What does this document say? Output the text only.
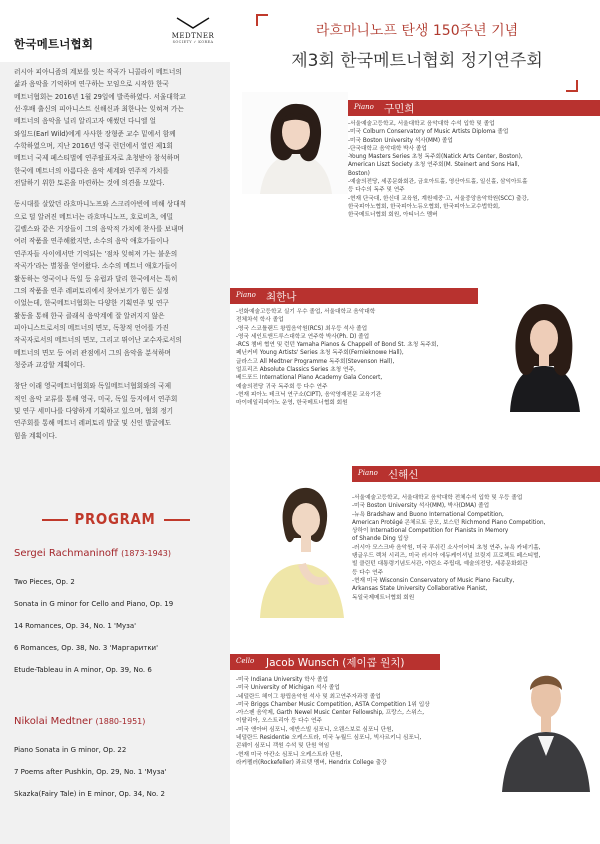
한국메트너협회
MEDTNER
SOCIETY ✓ KOREA

러시아 피아니즘의 계보를 잇는 작곡가 니콜라이 메트너의
삶과 음악을 기억하며 연구하는 모임으로 시작한 한국
메트너협회는 2016년 1월 29일에 발족하였다. 서울대학교
선·후배 출신의 피아니스트 신해신과 최한나는 잊혀져 가는
메트너의 음악을 널리 알리고자 애썼던 다니엘 얼
와일드(Earl Wild)에게 사사한 장형준 교수 밑에서 함께
수학하였으며, 지난 2016년 영국 런던에서 열린 제1회
메트너 국제 페스티벌에 연주팔표자로 초청받아 참석하며
한국에 메트너의 아름다운 음악 세계와 연주적 가치를
전달하기 위한 토론을 마련하는 것에 의견을 모았다.

동시대를 살았던 라흐마니노프와 스크리아빈에 비해 상대적
으로 덜 알려진 메트너는 라흐마니노프, 호로비츠, 에밀
길렐스와 같은 거장들이 그의 음악적 가치에 찬사를 보내며
여러 작품을 연주해왔지만, 소수의 음악 애호가들이나
연주자들 사이에서만 기억되는 '점차 잊혀져 가는 불운의
작곡가'라는 별칭을 얻어왔다. 소수의 메트너 애호가들이
활동하는 영국이나 독일 등 유럽과 달리 한국에서는 특히
그의 작품을 연주 레퍼토리에서 찾아보기가 힘든 실정
이었는데, 한국메트너협회는 다양한 기획연주 및 연구
활동을 통해 한국 클래식 음악계에 잘 알려지지 않은
피아니스트로서의 메트너의 면모, 독창적 언어를 가진
작곡자로서의 메트너의 면모, 그리고 뛰어난 교수자로서의
메트너의 면모 등 여러 관점에서 그의 음악을 분석하며
청중과 교감할 계획이다.

창단 이래 영국메트너협회와 독일메트너협회와의 국제
적인 음악 교류를 통해 영국, 미국, 독일 등지에서 연주회
및 연구 세미나를 다양하게 기획하고 있으며, 협회 정기
연주회를 통해 메트너 레퍼토리 발굴 및 신인 발굴에도
힘을 계획이다.

PROGRAM
Sergei Rachmaninoff (1873-1943)
Two Pieces, Op. 2
Sonata in G minor for Cello and Piano, Op. 19
14 Romances, Op. 34, No. 1 'Муза'
6 Romances, Op. 38, No. 3 'Маргаритки'
Etude-Tableau in A minor, Op. 39, No. 6
Nikolai Medtner (1880-1951)
Piano Sonata in G minor, Op. 22
7 Poems after Pushkin, Op. 29, No. 1 'Муза'
Skazka(Fairy Tale) in E minor, Op. 34, No. 2
라흐마니노프 탄생 150주년 기념
제3회 한국메트너협회 정기연주회
Piano 구민희
-서울예술고등학교, 서울대학교 음악대학 수석 입학 및 졸업
-미국 Colburn Conservatory of Music Artists Diploma 졸업
-미국 Boston University 석사(MM) 졸업
-단국대학교 음악대학 박사 졸업
-Young Masters Series 초청 독주회(Natick Arts Center, Boston),
American Liszt Society 초청 연주회(M. Steinert and Sons Hall,
Boston)
-예술의전당, 세종문화회관, 금호아트홀, 영산아트홀, 일신홀, 삼익아트홀
등 다수의 독주 및 연주
-현재 단국대, 한신대 교육원, 계원예중·고, 서울중앙음악학원(SCC) 출강,
한국피아노협회, 한국피아노듀오협회, 한국피아노교수법학회,
한국메트너협회 회원, 아티너스 멤버
Piano 최한나
-선화예술고등학교 실기 우수 졸업, 서울대학교 음악대학
전체차석 학사 졸업
-영국 스코틀랜드 왕립음악원(RCS) 최우등 석사 졸업
-영국 세인트앤드루스대학교 연주학 박사(Ph. D) 졸업
-RCS 챔버 협연 및 런던 Yamaha Pianos & Chappell of Bond St. 초청 독주회,
페닌커비 Young Artists' Series 초청 독주회(Fernieknowe Hall),
글라스고 All Medtner Programme 독주회(Stevenson Hall),
얼프리즈 Absolute Classics Series 초청 연주,
베드포드 International Piano Academy Gala Concert,
예술의전당 귀국 독주회 등 다수 연주
-현재 피아노 테크닉 연구소(CIPT), 음악영재전문 교육기관
마이데일리피아노 운영, 한국메트너협회 회원
Piano 신해신
-서울예술고등학교, 서울대학교 음악대학 전체수석 입학 및 우등 졸업
-미국 Boston University 석사(MM), 박사(DMA) 졸업
-뉴욕 Bradshaw and Buono International Competition,
American Protégé 콘체르토 공모, 보스턴 Richmond Piano Competition,
상하이 International Competition for Pianists in Memory
of Shande Ding 입상
-러시아 모스크바 음악원, 미국 푸쉬킨 소사이어티 초청 연주, 뉴욕 카네기홀,
탱글우드 렉처 시리즈, 미국 러시아 에듀케이셔널 브릿지 프로젝트 페스티벌,
빌 클린턴 대통령기념도서관, 야린소 주립대, 예술의전당, 세종문화회관
등 다수 연주
-현재 미국 Wisconsin Conservatory of Music Piano Faculty,
Arkansas State University Collaborative Pianist,
독일국제메트너협회 회원
Cello Jacob Wunsch (제이콥 원치)
-미국 Indiana University 학사 졸업
-미국 University of Michigan 석사 졸업
-네덜란드 헤이그 왕립음악원 석사 및 최고연주자과정 졸업
-미국 Briggs Chamber Music Competition, ASTA Competition 1위 입상
-아스펜 음악제, Garth Newel Music Center Fellowship, 프랑스, 스위스,
이탈리아, 오스트리아 등 다수 연주
-미국 앤아버 심포니, 에반스빌 심포니, 오웬스보로 심포니 단원,
네덜란드 Residentie 오케스트라, 미국 뉴월드 심포니, 빅사르키니 심포니,
콘웨이 심포니 객원 수석 및 단원 역임
-현재 미국 아칸소 심포니 오케스트라 단원,
라커펠러(Rockefeller) 콰르텟 멤버, Hendrix College 출강
